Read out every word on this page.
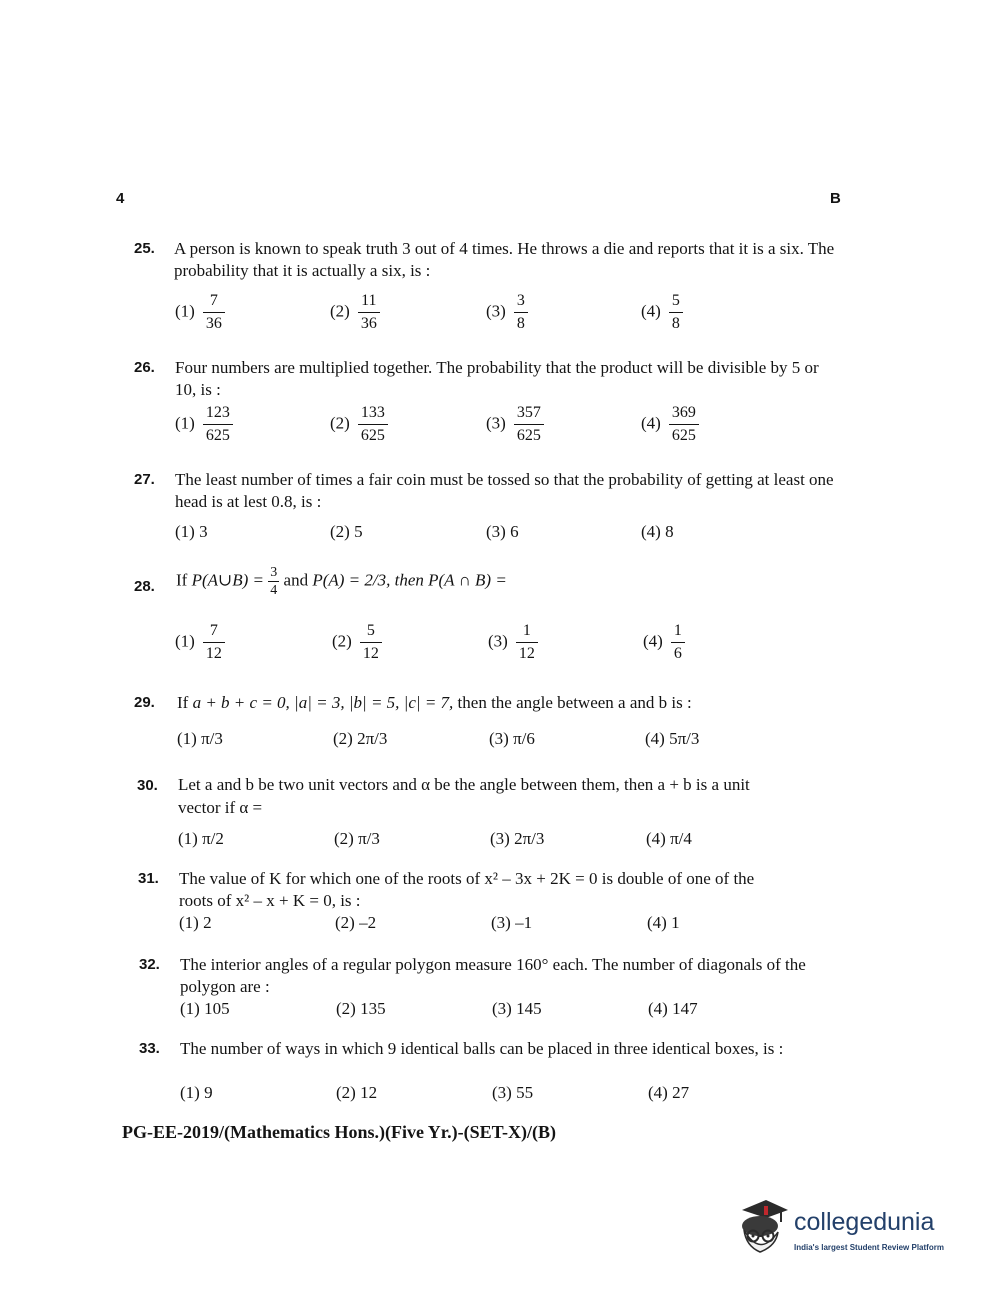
4	B
25. A person is known to speak truth 3 out of 4 times. He throws a die and reports that it is a six. The probability that it is actually a six, is :
$(1) \frac{7}{36}$	$(2) \frac{11}{36}$	$(3) \frac{3}{8}$	$(4) \frac{5}{8}$
26. Four numbers are multiplied together. The probability that the product will be divisible by 5 or 10, is :
$(1) \frac{123}{625}$	$(2) \frac{133}{625}$	$(3) \frac{357}{625}$	$(4) \frac{369}{625}$
27. The least number of times a fair coin must be tossed so that the probability of getting at least one head is at lest 0.8, is :
(1) 3	(2) 5	(3) 6	(4) 8
28. If P(A∪B) = $\frac{3}{4}$ and P(A) = 2/3, then P(A ∩ B) =
$(1) \frac{7}{12}$	$(2) \frac{5}{12}$	$(3) \frac{1}{12}$	$(4) \frac{1}{6}$
29. If a + b + c = 0, |a| = 3, |b| = 5, |c| = 7, then the angle between a and b is :
(1) π/3	(2) 2π/3	(3) π/6	(4) 5π/3
30. Let a and b be two unit vectors and α be the angle between them, then a + b is a unit
vector if α =
(1) π/2	(2) π/3	(3) 2π/3	(4) π/4
31. The value of K for which one of the roots of x² – 3x + 2K = 0 is double of one of the
roots of x² – x + K = 0, is :
(1) 2	(2) –2	(3) –1	(4) 1
32. The interior angles of a regular polygon measure 160° each. The number of diagonals of the polygon are :
(1) 105	(2) 135	(3) 145	(4) 147
33. The number of ways in which 9 identical balls can be placed in three identical boxes, is :
(1) 9	(2) 12	(3) 55	(4) 27
PG-EE-2019/(Mathematics Hons.)(Five Yr.)-(SET-X)/(B)
collegedunia
India's largest Student Review Platform
